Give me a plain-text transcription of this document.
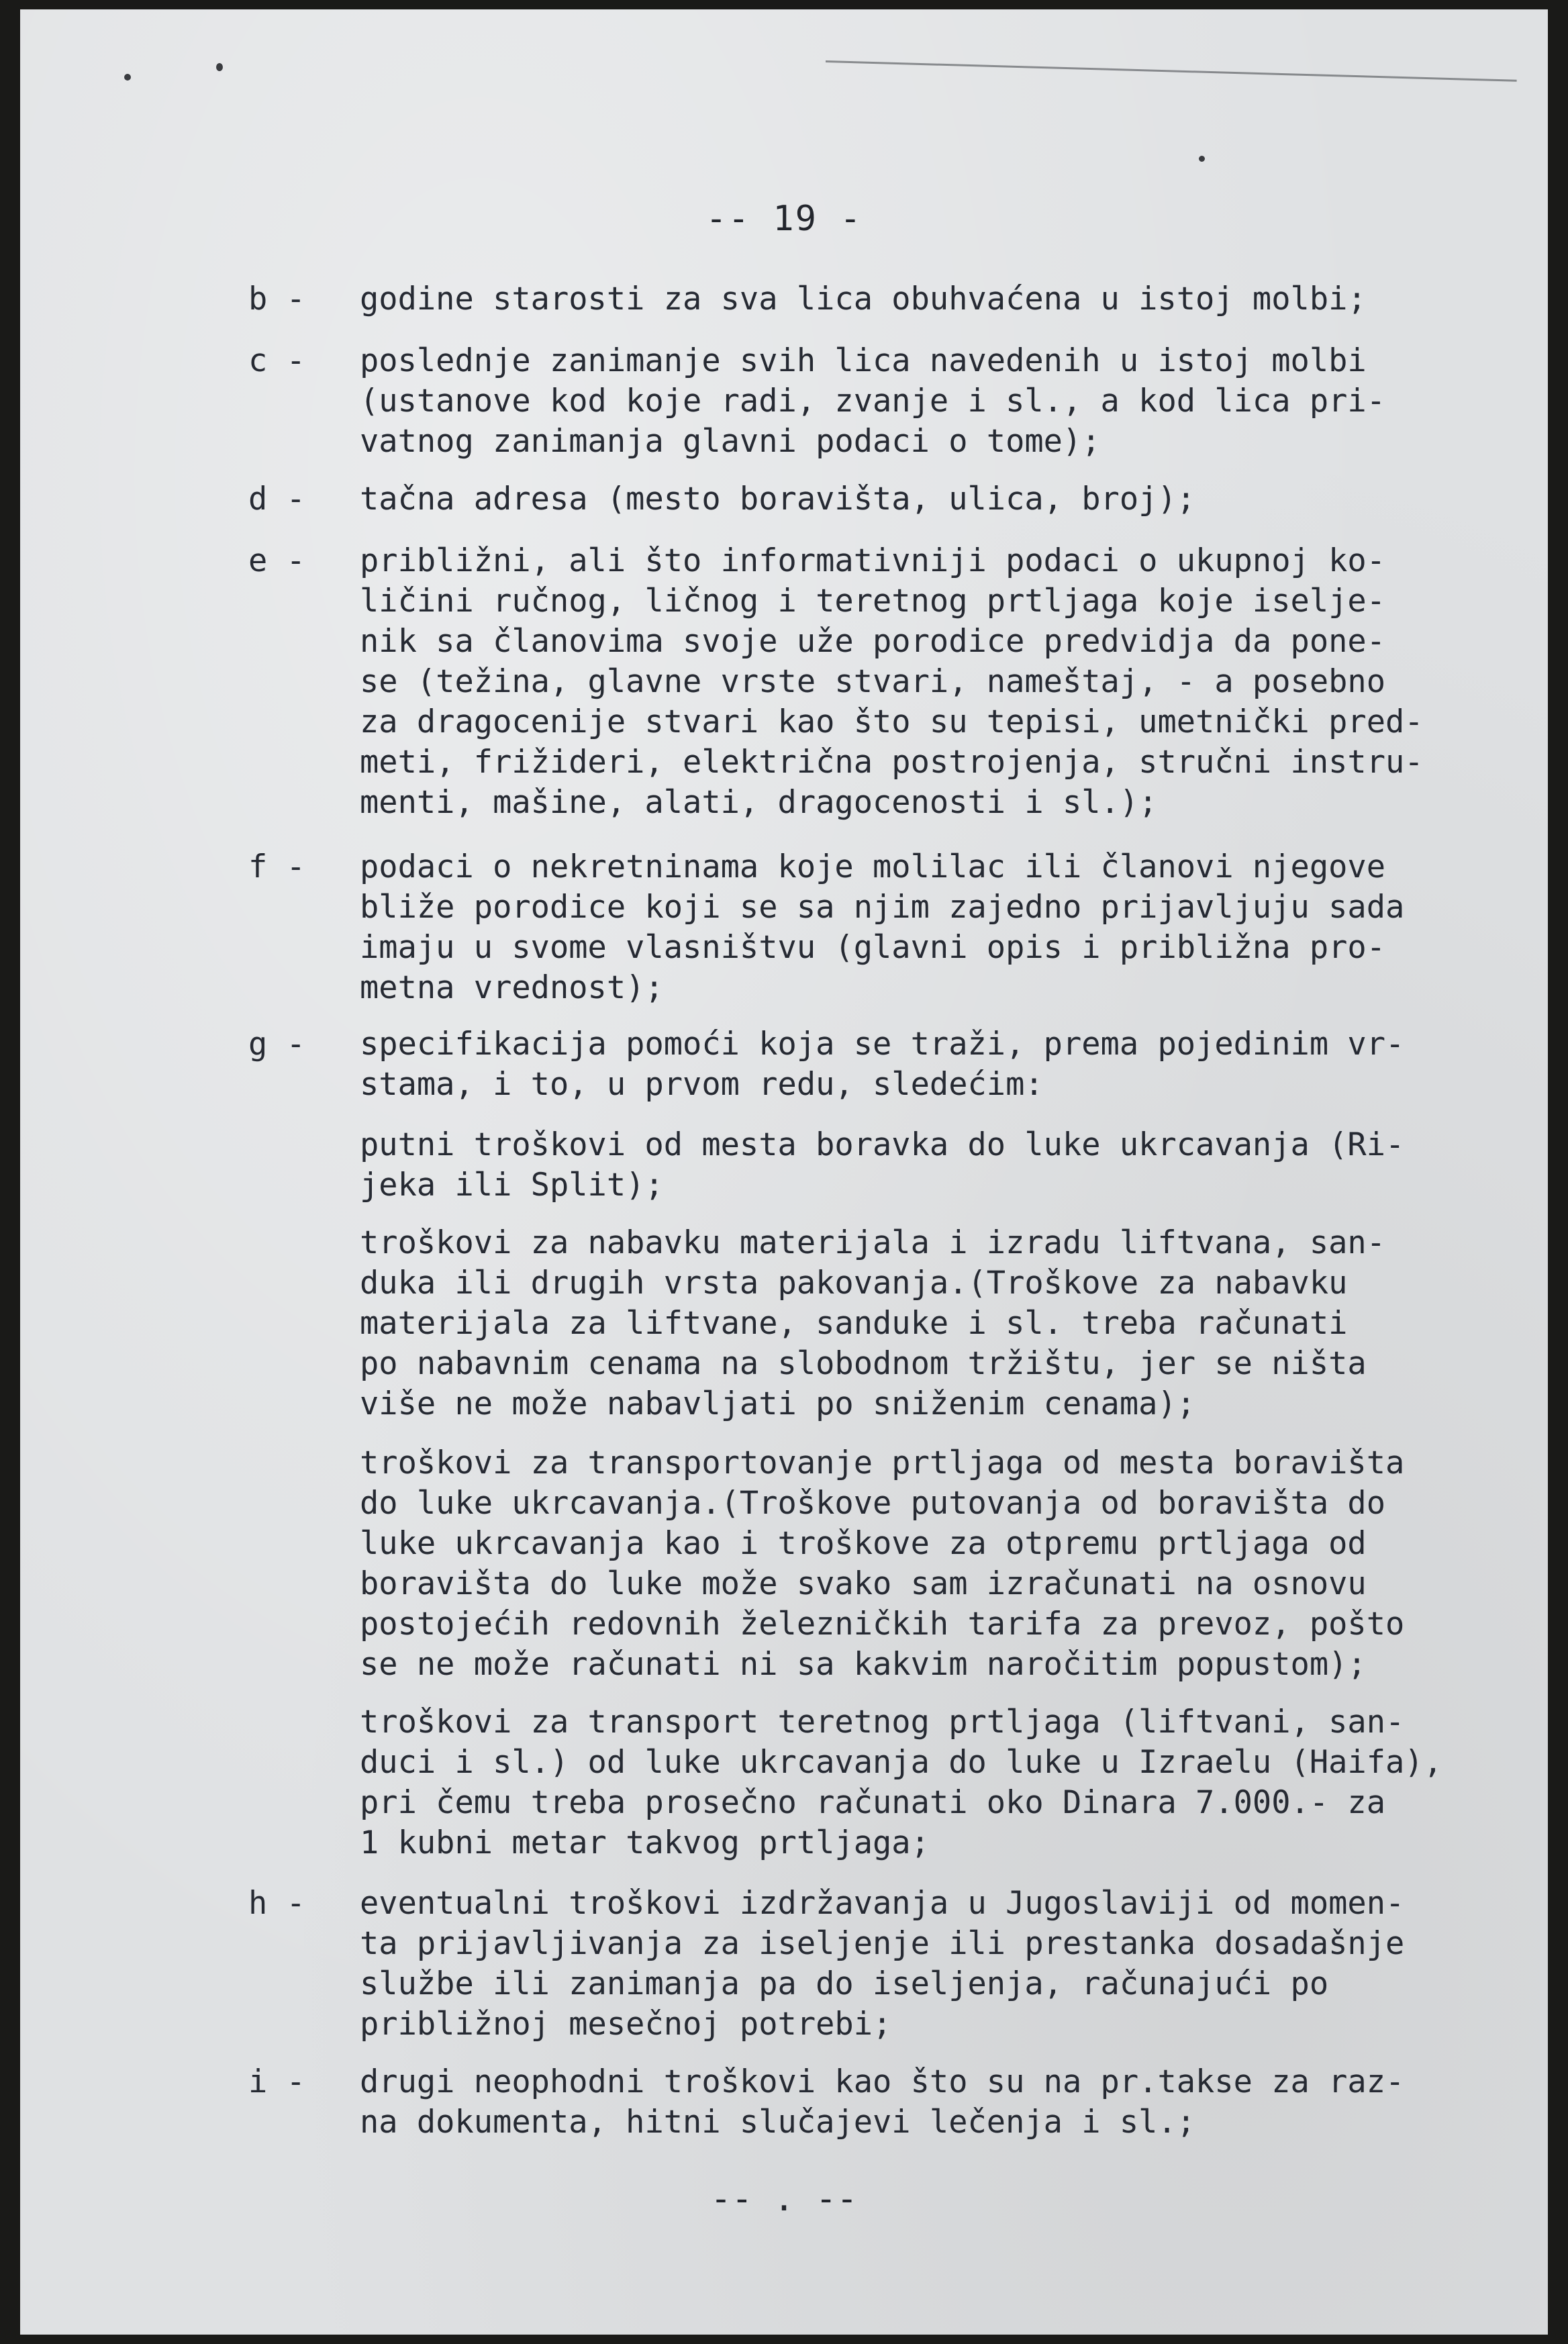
-- 19 -
b - godine starosti za sva lica obuhvaćena u istoj molbi;
c - poslednje zanimanje svih lica navedenih u istoj molbi
(ustanove kod koje radi, zvanje i sl., a kod lica pri-
vatnog zanimanja glavni podaci o tome);
d - tačna adresa (mesto boravišta, ulica, broj);
e - približni, ali što informativniji podaci o ukupnoj ko-
ličini ručnog, ličnog i teretnog prtljaga koje iselje-
nik sa članovima svoje uže porodice predvidja da pone-
se (težina, glavne vrste stvari, nameštaj, - a posebno
za dragocenije stvari kao što su tepisi, umetnički pred-
meti, frižideri, električna postrojenja, stručni instru-
menti, mašine, alati, dragocenosti i sl.);
f - podaci o nekretninama koje molilac ili članovi njegove
bliže porodice koji se sa njim zajedno prijavljuju sada
imaju u svome vlasništvu (glavni opis i približna pro-
metna vrednost);
g - specifikacija pomoći koja se traži, prema pojedinim vr-
stama, i to, u prvom redu, sledećim:
putni troškovi od mesta boravka do luke ukrcavanja (Ri-
jeka ili Split);
troškovi za nabavku materijala i izradu liftvana, san-
duka ili drugih vrsta pakovanja.(Troškove za nabavku
materijala za liftvane, sanduke i sl. treba računati
po nabavnim cenama na slobodnom tržištu, jer se ništa
više ne može nabavljati po sniženim cenama);
troškovi za transportovanje prtljaga od mesta boravišta
do luke ukrcavanja.(Troškove putovanja od boravišta do
luke ukrcavanja kao i troškove za otpremu prtljaga od
boravišta do luke može svako sam izračunati na osnovu
postojećih redovnih železničkih tarifa za prevoz, pošto
se ne može računati ni sa kakvim naročitim popustom);
troškovi za transport teretnog prtljaga (liftvani, san-
duci i sl.) od luke ukrcavanja do luke u Izraelu (Haifa),
pri čemu treba prosečno računati oko Dinara 7.000.- za
1 kubni metar takvog prtljaga;
h - eventualni troškovi izdržavanja u Jugoslaviji od momen-
ta prijavljivanja za iseljenje ili prestanka dosadašnje
službe ili zanimanja pa do iseljenja, računajući po
približnoj mesečnoj potrebi;
i - drugi neophodni troškovi kao što su na pr.takse za raz-
na dokumenta, hitni slučajevi lečenja i sl.;
-- . --
